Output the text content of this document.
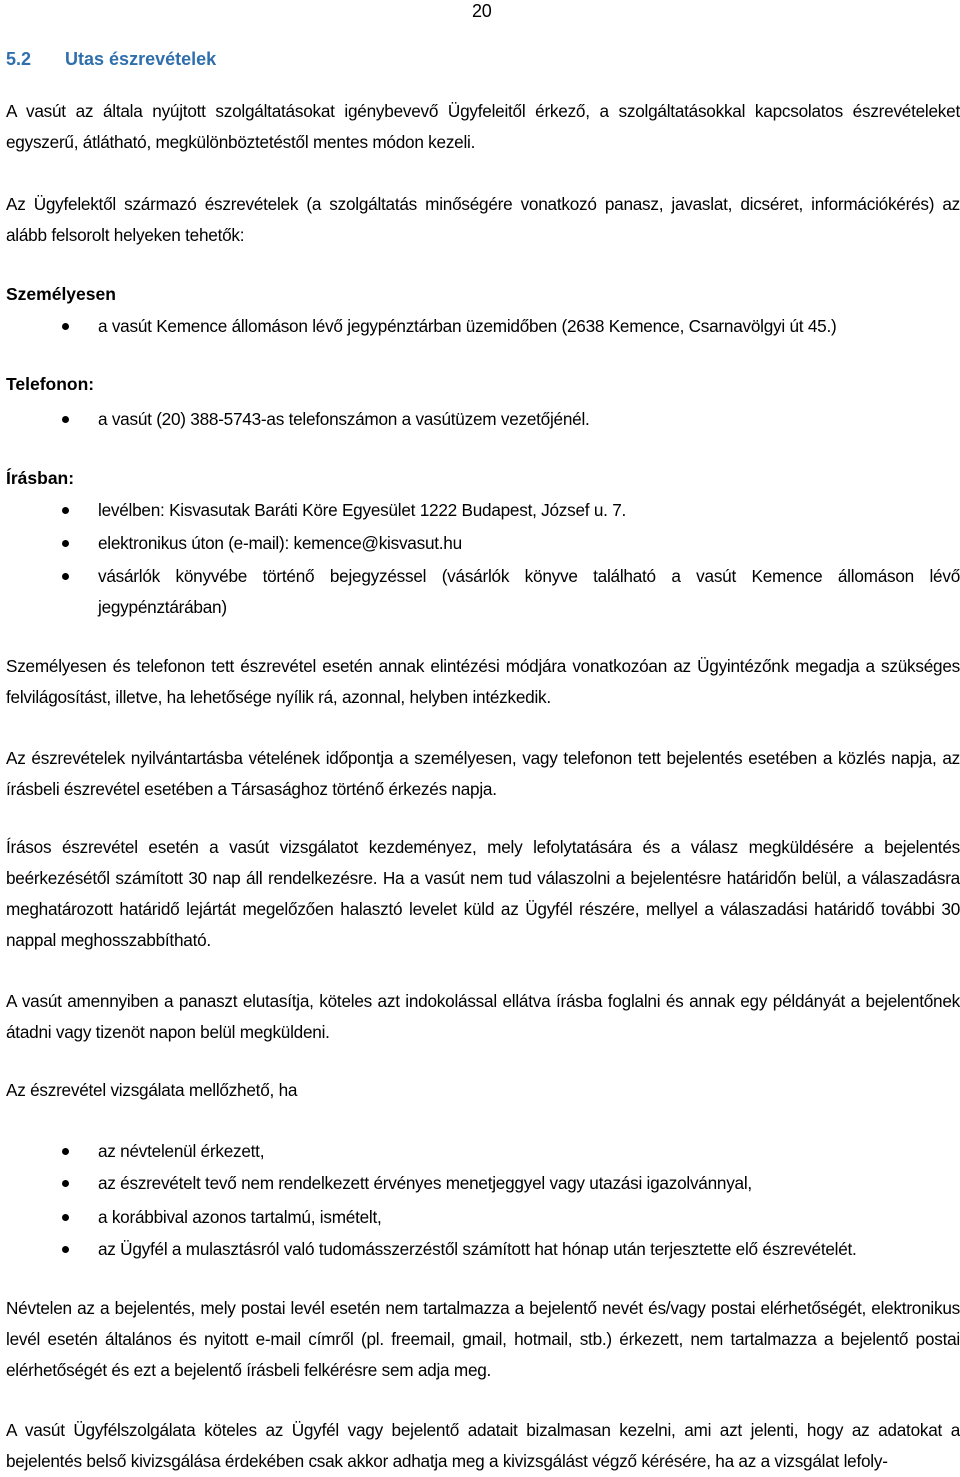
20
5.2 Utas észrevételek
A vasút az általa nyújtott szolgáltatásokat igénybevevő Ügyfeleitől érkező, a szolgáltatásokkal kapcsolatos észrevételeket egyszerű, átlátható, megkülönböztetéstől mentes módon kezeli.
Az Ügyfelektől származó észrevételek (a szolgáltatás minőségére vonatkozó panasz, javaslat, dicséret, információkérés) az alább felsorolt helyeken tehetők:
Személyesen
a vasút Kemence állomáson lévő jegypénztárban üzemidőben (2638 Kemence, Csarnavölgyi út 45.)
Telefonon:
a vasút (20) 388-5743-as telefonszámon a vasútüzem vezetőjénél.
Írásban:
levélben: Kisvasutak Baráti Köre Egyesület 1222 Budapest, József u. 7.
elektronikus úton (e-mail): kemence@kisvasut.hu
vásárlók könyvébe történő bejegyzéssel (vásárlók könyve található a vasút Kemence állomáson lévő jegypénztárában)
Személyesen és telefonon tett észrevétel esetén annak elintézési módjára vonatkozóan az Ügyintézőnk megadja a szükséges felvilágosítást, illetve, ha lehetősége nyílik rá, azonnal, helyben intézkedik.
Az észrevételek nyilvántartásba vételének időpontja a személyesen, vagy telefonon tett bejelentés esetében a közlés napja, az írásbeli észrevétel esetében a Társasághoz történő érkezés napja.
Írásos észrevétel esetén a vasút vizsgálatot kezdeményez, mely lefolytatására és a válasz megküldésére a bejelentés beérkezésétől számított 30 nap áll rendelkezésre. Ha a vasút nem tud válaszolni a bejelentésre határidőn belül, a válaszadásra meghatározott határidő lejártát megelőzően halasztó levelet küld az Ügyfél részére, mellyel a válaszadási határidő további 30 nappal meghosszabbítható.
A vasút amennyiben a panaszt elutasítja, köteles azt indokolással ellátva írásba foglalni és annak egy példányát a bejelentőnek átadni vagy tizenöt napon belül megküldeni.
Az észrevétel vizsgálata mellőzhető, ha
az névtelenül érkezett,
az észrevételt tevő nem rendelkezett érvényes menetjeggyel vagy utazási igazolvánnyal,
a korábbival azonos tartalmú, ismételt,
az Ügyfél a mulasztásról való tudomásszerzéstől számított hat hónap után terjesztette elő észrevételét.
Névtelen az a bejelentés, mely postai levél esetén nem tartalmazza a bejelentő nevét és/vagy postai elérhetőségét, elektronikus levél esetén általános és nyitott e-mail címről (pl. freemail, gmail, hotmail, stb.) érkezett, nem tartalmazza a bejelentő postai elérhetőségét és ezt a bejelentő írásbeli felkérésre sem adja meg.
A vasút Ügyfélszolgálata köteles az Ügyfél vagy bejelentő adatait bizalmasan kezelni, ami azt jelenti, hogy az adatokat a bejelentés belső kivizsgálása érdekében csak akkor adhatja meg a kivizsgálást végző kérésére, ha az a vizsgálat lefoly-
